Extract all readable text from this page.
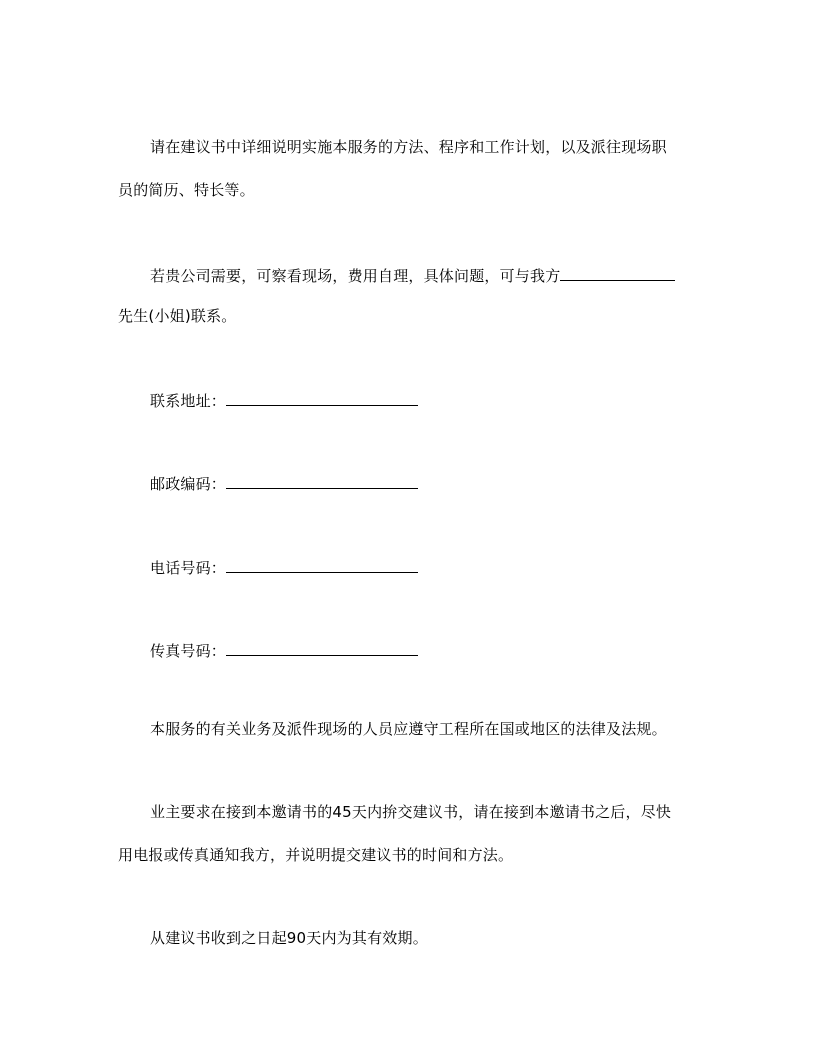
请在建议书中详细说明实施本服务的方法、程序和工作计划，以及派往现场职
员的简历、特长等。
若贵公司需要，可察看现场，费用自理，具体问题，可与我方
先生(小姐)联系。
联系地址：
邮政编码：
电话号码：
传真号码：
本服务的有关业务及派件现场的人员应遵守工程所在国或地区的法律及法规。
业主要求在接到本邀请书的45天内拚交建议书，请在接到本邀请书之后，尽快
用电报或传真通知我方，并说明提交建议书的时间和方法。
从建议书收到之日起90天内为其有效期。
